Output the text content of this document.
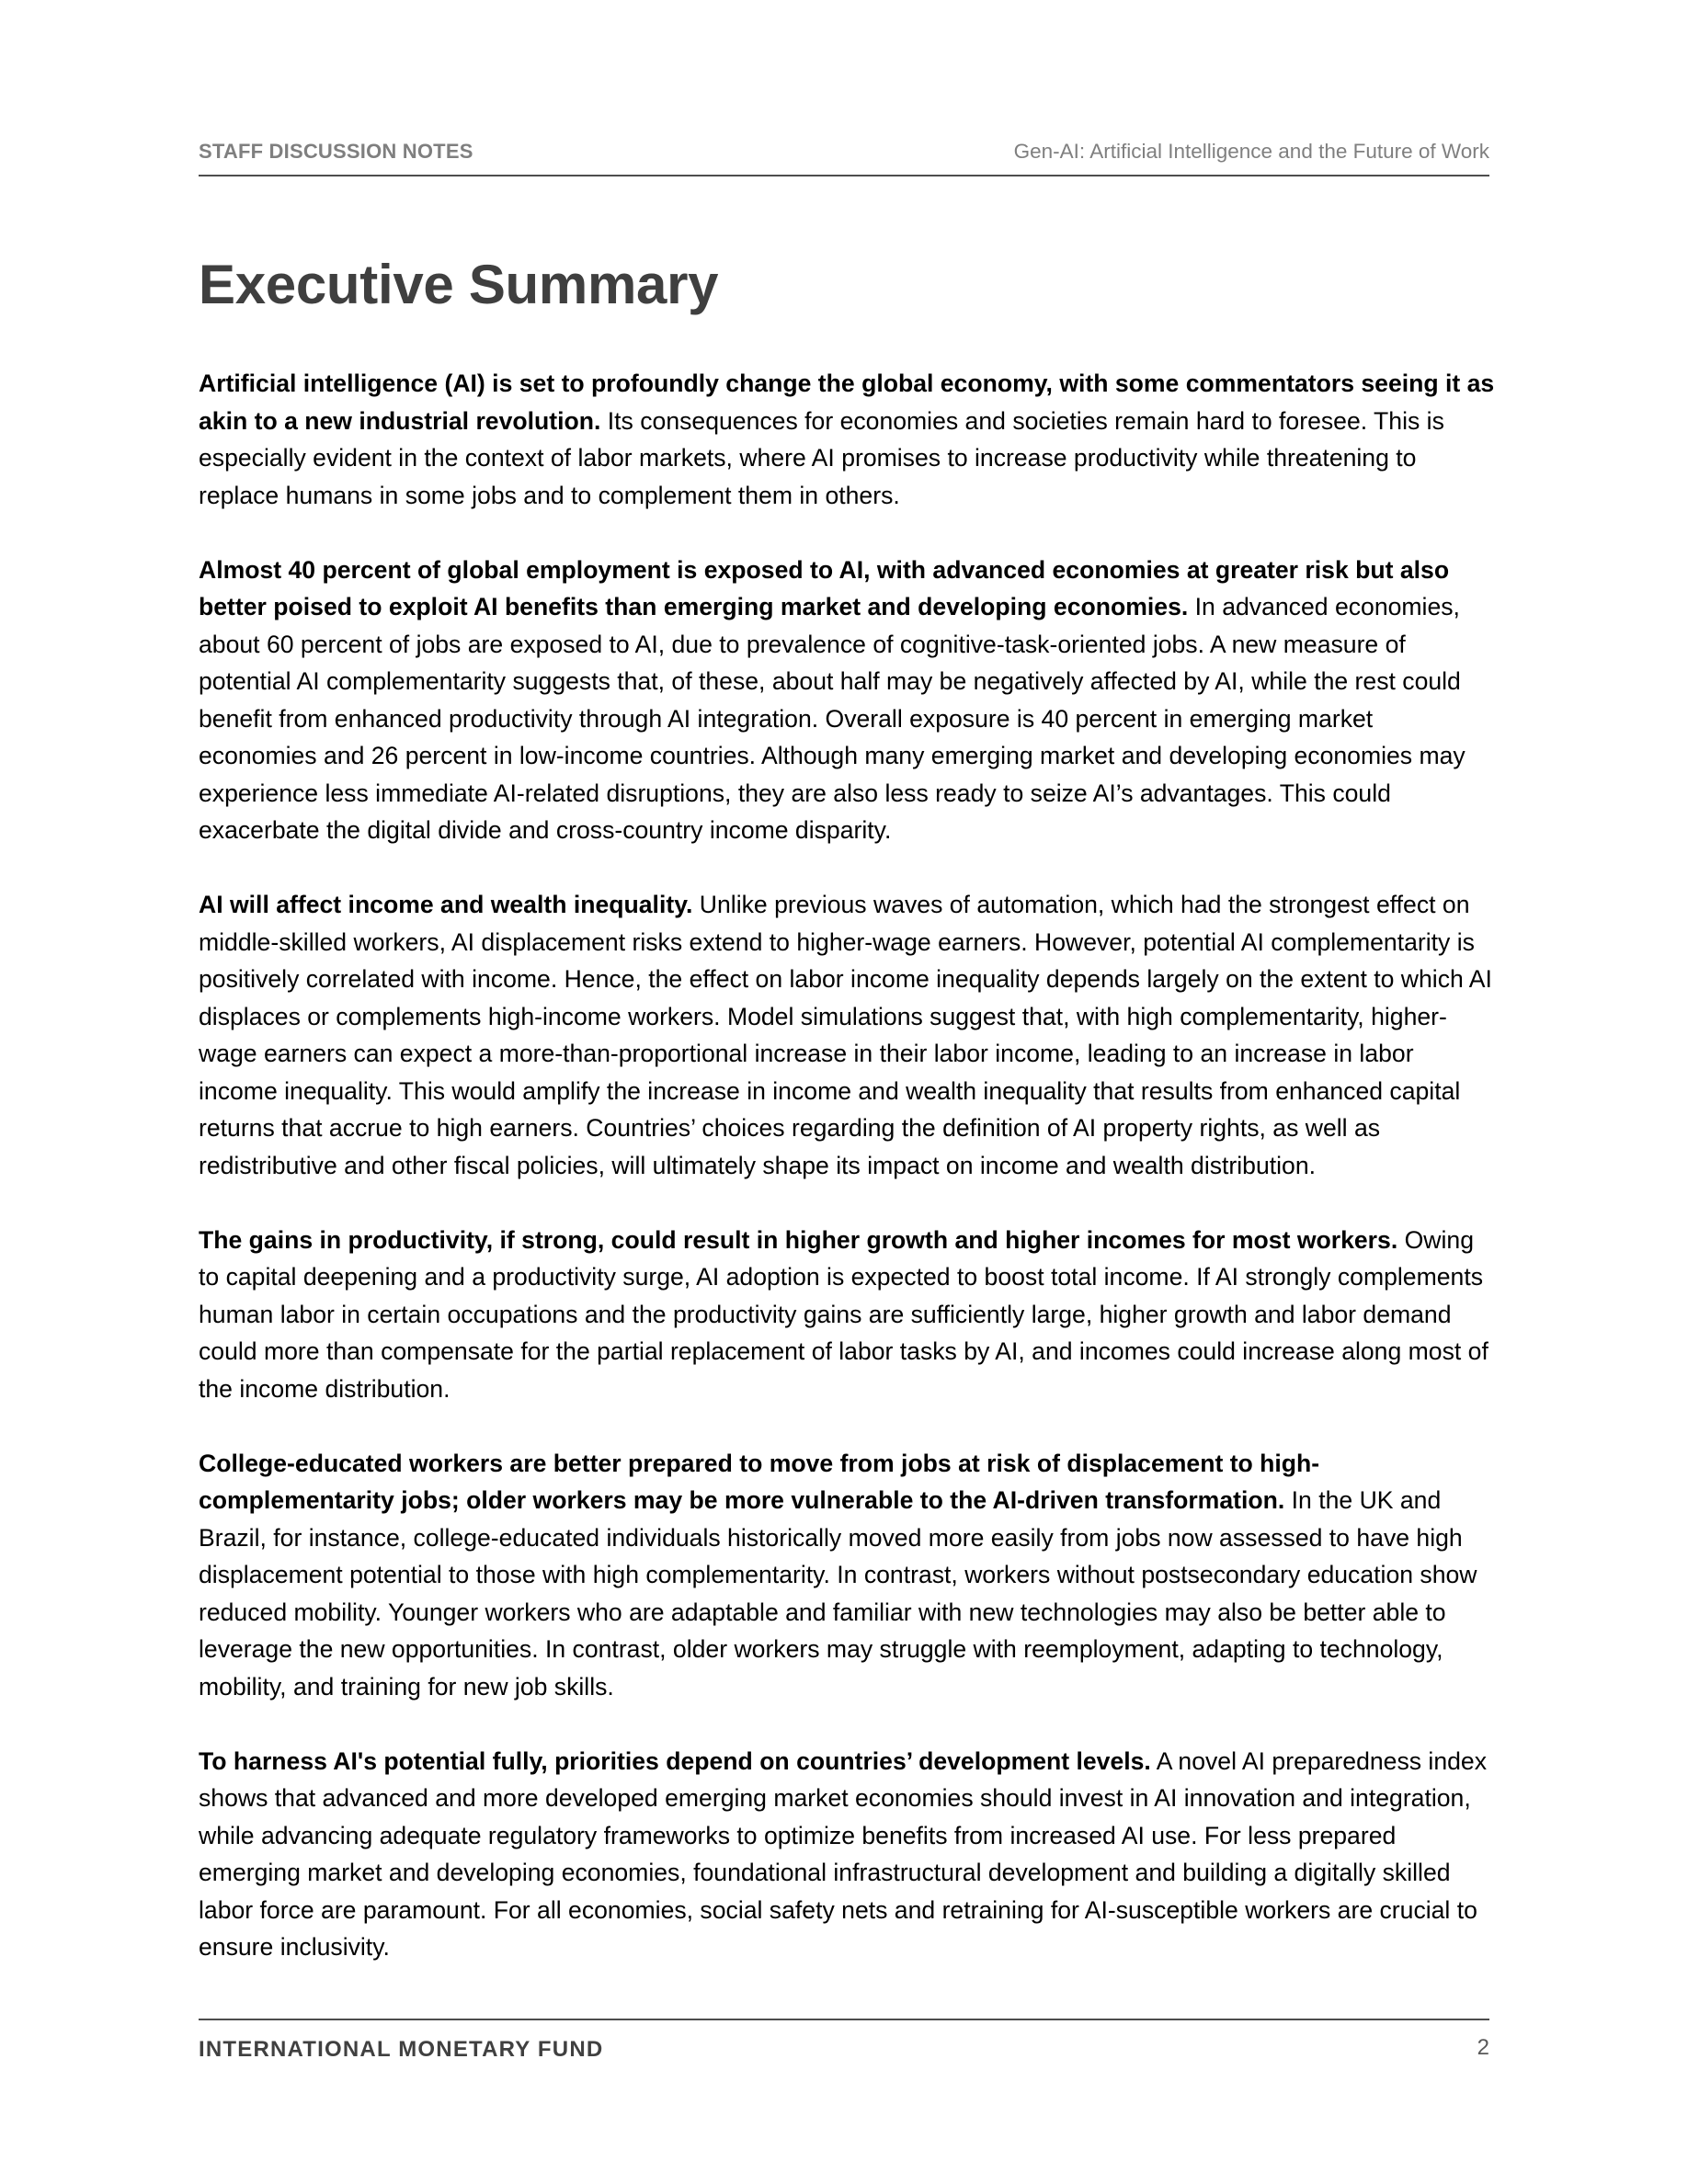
STAFF DISCUSSION NOTES	Gen-AI: Artificial Intelligence and the Future of Work
Executive Summary

Artificial intelligence (AI) is set to profoundly change the global economy, with some commentators seeing it as akin to a new industrial revolution. Its consequences for economies and societies remain hard to foresee. This is especially evident in the context of labor markets, where AI promises to increase productivity while threatening to replace humans in some jobs and to complement them in others.

Almost 40 percent of global employment is exposed to AI, with advanced economies at greater risk but also better poised to exploit AI benefits than emerging market and developing economies. In advanced economies, about 60 percent of jobs are exposed to AI, due to prevalence of cognitive-task-oriented jobs. A new measure of potential AI complementarity suggests that, of these, about half may be negatively affected by AI, while the rest could benefit from enhanced productivity through AI integration. Overall exposure is 40 percent in emerging market economies and 26 percent in low-income countries. Although many emerging market and developing economies may experience less immediate AI-related disruptions, they are also less ready to seize AI’s advantages. This could exacerbate the digital divide and cross-country income disparity.

AI will affect income and wealth inequality. Unlike previous waves of automation, which had the strongest effect on middle-skilled workers, AI displacement risks extend to higher-wage earners. However, potential AI complementarity is positively correlated with income. Hence, the effect on labor income inequality depends largely on the extent to which AI displaces or complements high-income workers. Model simulations suggest that, with high complementarity, higher-wage earners can expect a more-than-proportional increase in their labor income, leading to an increase in labor income inequality. This would amplify the increase in income and wealth inequality that results from enhanced capital returns that accrue to high earners. Countries’ choices regarding the definition of AI property rights, as well as redistributive and other fiscal policies, will ultimately shape its impact on income and wealth distribution.

The gains in productivity, if strong, could result in higher growth and higher incomes for most workers. Owing to capital deepening and a productivity surge, AI adoption is expected to boost total income. If AI strongly complements human labor in certain occupations and the productivity gains are sufficiently large, higher growth and labor demand could more than compensate for the partial replacement of labor tasks by AI, and incomes could increase along most of the income distribution.

College-educated workers are better prepared to move from jobs at risk of displacement to high-complementarity jobs; older workers may be more vulnerable to the AI-driven transformation. In the UK and Brazil, for instance, college-educated individuals historically moved more easily from jobs now assessed to have high displacement potential to those with high complementarity. In contrast, workers without postsecondary education show reduced mobility. Younger workers who are adaptable and familiar with new technologies may also be better able to leverage the new opportunities. In contrast, older workers may struggle with reemployment, adapting to technology, mobility, and training for new job skills.

To harness AI's potential fully, priorities depend on countries’ development levels. A novel AI preparedness index shows that advanced and more developed emerging market economies should invest in AI innovation and integration, while advancing adequate regulatory frameworks to optimize benefits from increased AI use. For less prepared emerging market and developing economies, foundational infrastructural development and building a digitally skilled labor force are paramount. For all economies, social safety nets and retraining for AI-susceptible workers are crucial to ensure inclusivity.

INTERNATIONAL MONETARY FUND	2
